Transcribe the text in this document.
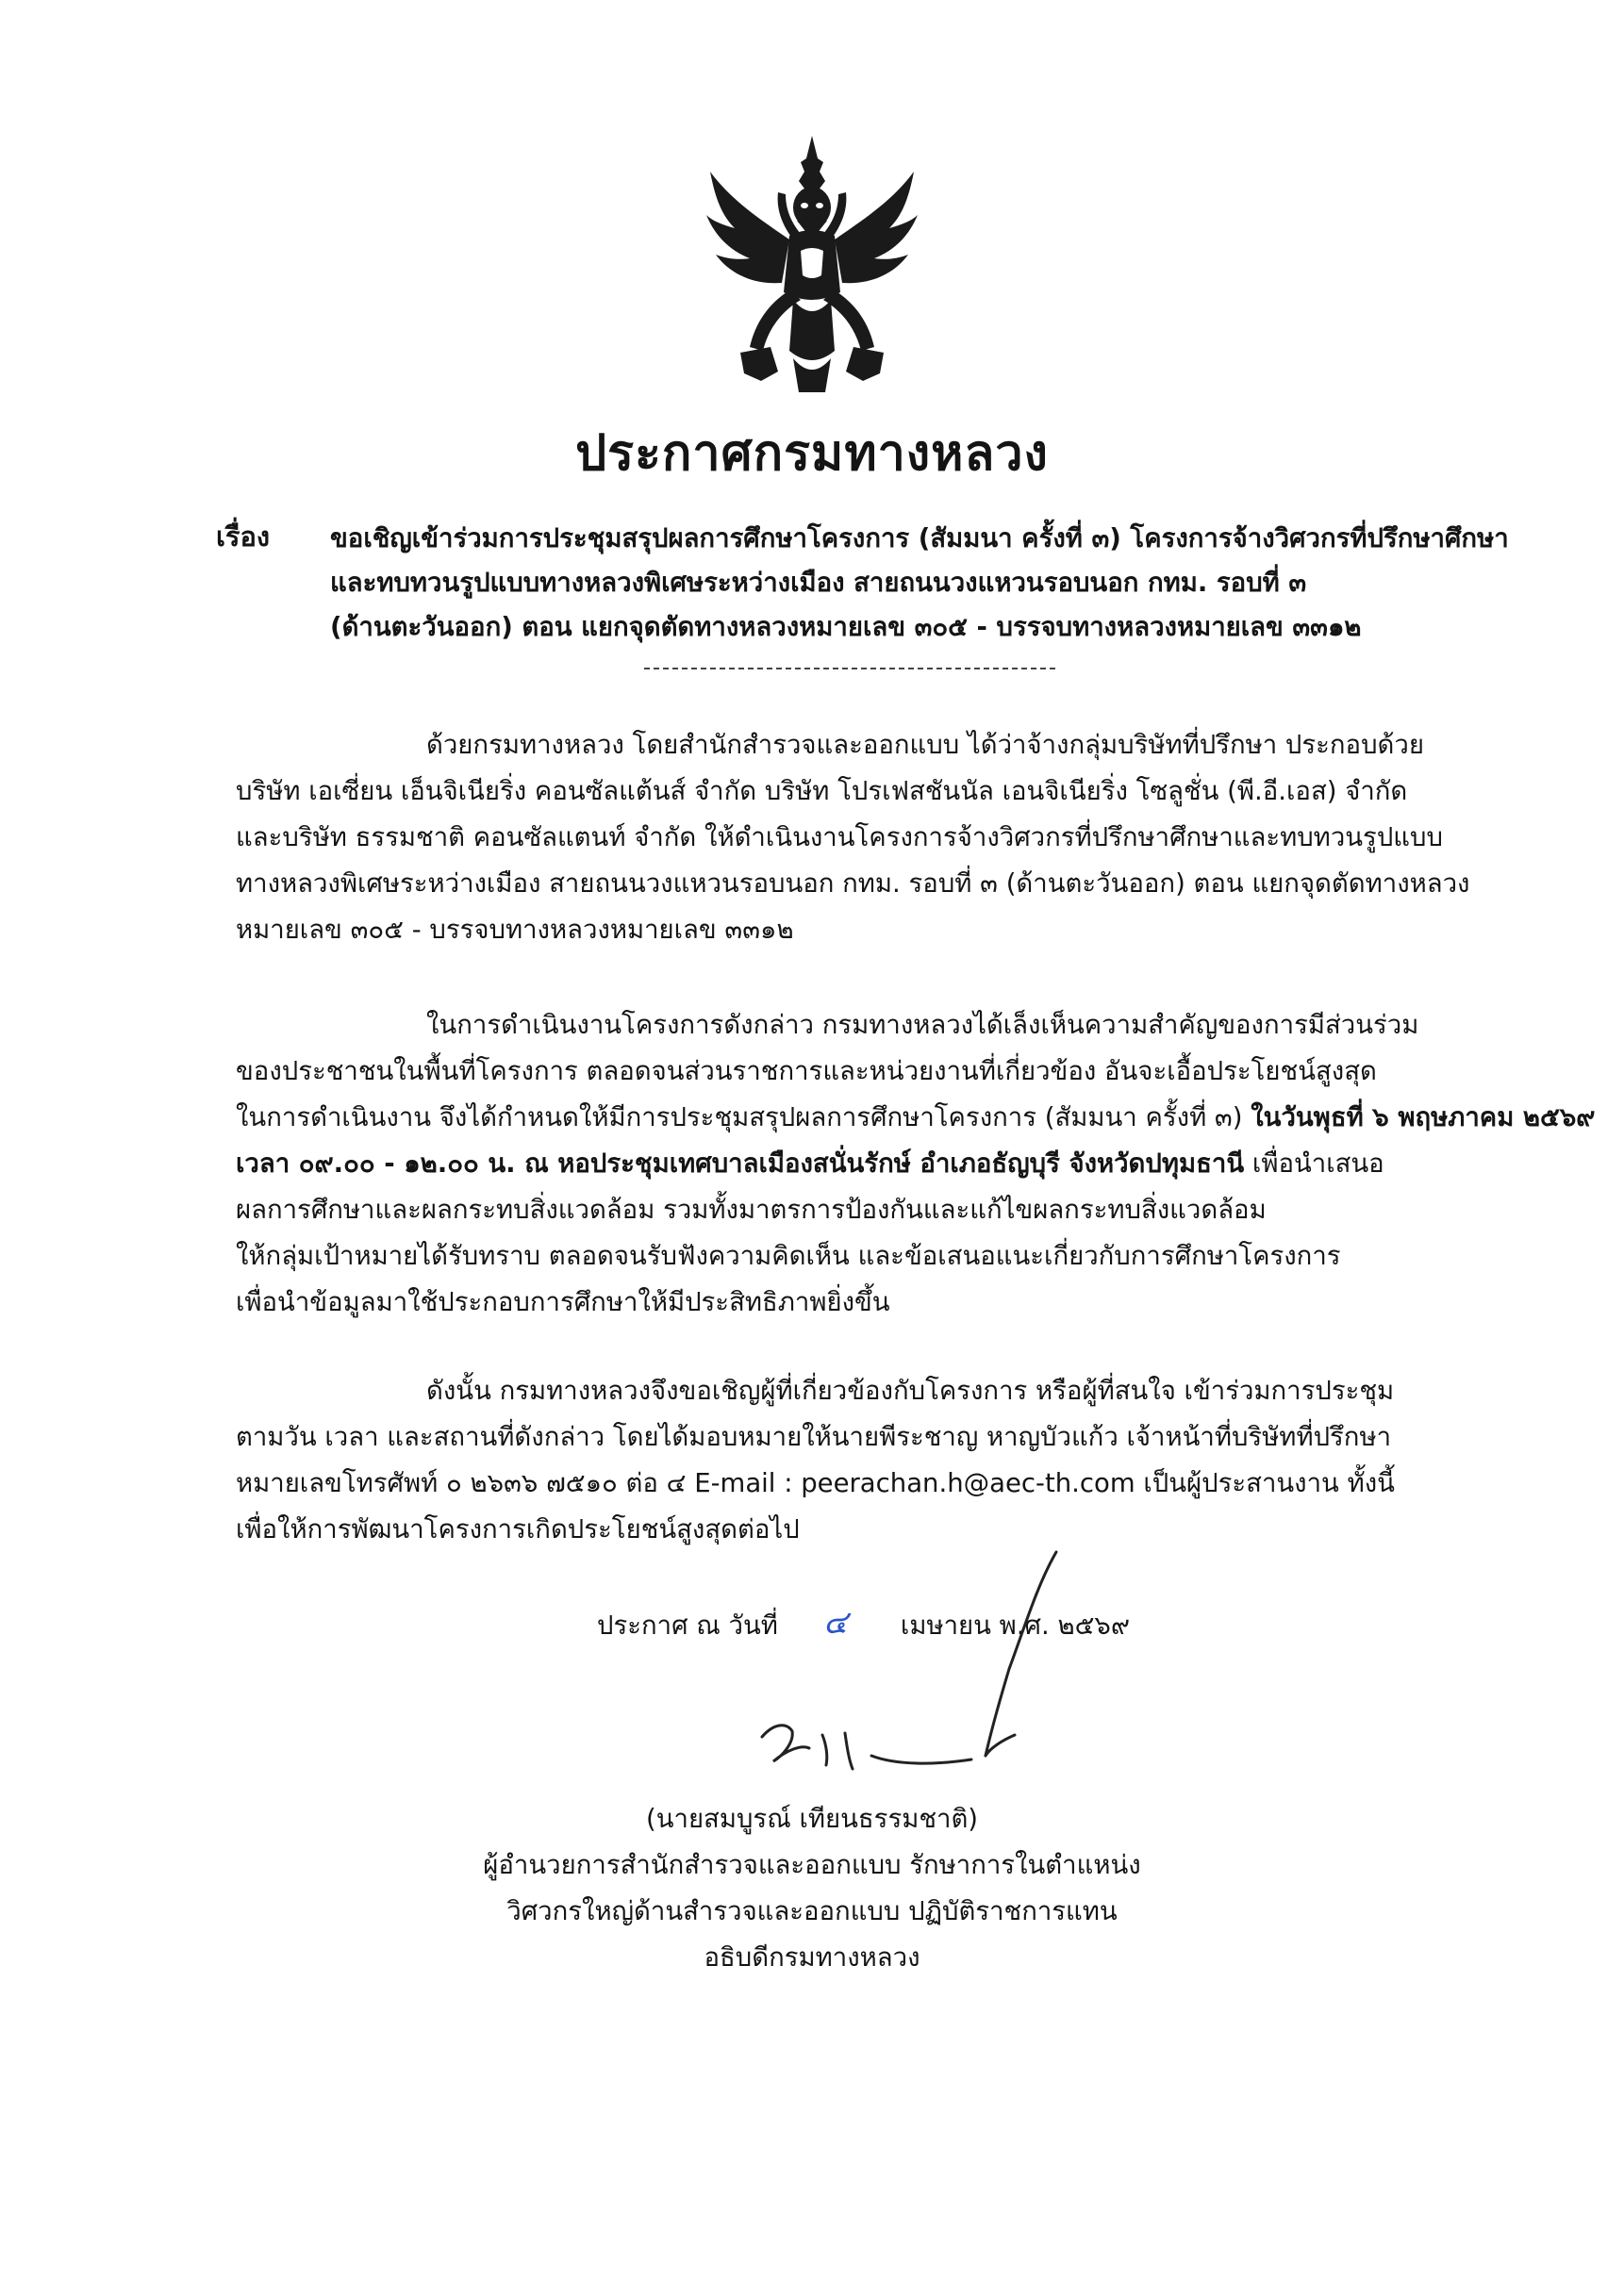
ประกาศกรมทางหลวง
เรื่อง ขอเชิญเข้าร่วมการประชุมสรุปผลการศึกษาโครงการ (สัมมนา ครั้งที่ ๓) โครงการจ้างวิศวกรที่ปรึกษาศึกษา
และทบทวนรูปแบบทางหลวงพิเศษระหว่างเมือง สายถนนวงแหวนรอบนอก กทม. รอบที่ ๓
(ด้านตะวันออก) ตอน แยกจุดตัดทางหลวงหมายเลข ๓๐๕ - บรรจบทางหลวงหมายเลข ๓๓๑๒
ด้วยกรมทางหลวง โดยสำนักสำรวจและออกแบบ ได้ว่าจ้างกลุ่มบริษัทที่ปรึกษา ประกอบด้วย
บริษัท เอเซี่ยน เอ็นจิเนียริ่ง คอนซัลแต้นส์ จำกัด บริษัท โปรเฟสชันนัล เอนจิเนียริ่ง โซลูชั่น (พี.อี.เอส) จำกัด
และบริษัท ธรรมชาติ คอนซัลแตนท์ จำกัด ให้ดำเนินงานโครงการจ้างวิศวกรที่ปรึกษาศึกษาและทบทวนรูปแบบ
ทางหลวงพิเศษระหว่างเมือง สายถนนวงแหวนรอบนอก กทม. รอบที่ ๓ (ด้านตะวันออก) ตอน แยกจุดตัดทางหลวง
หมายเลข ๓๐๕ - บรรจบทางหลวงหมายเลข ๓๓๑๒
ในการดำเนินงานโครงการดังกล่าว กรมทางหลวงได้เล็งเห็นความสำคัญของการมีส่วนร่วม
ของประชาชนในพื้นที่โครงการ ตลอดจนส่วนราชการและหน่วยงานที่เกี่ยวข้อง อันจะเอื้อประโยชน์สูงสุด
ในการดำเนินงาน จึงได้กำหนดให้มีการประชุมสรุปผลการศึกษาโครงการ (สัมมนา ครั้งที่ ๓) ในวันพุธที่ ๖ พฤษภาคม ๒๕๖๙
เวลา ๐๙.๐๐ - ๑๒.๐๐ น. ณ หอประชุมเทศบาลเมืองสนั่นรักษ์ อำเภอธัญบุรี จังหวัดปทุมธานี เพื่อนำเสนอ
ผลการศึกษาและผลกระทบสิ่งแวดล้อม รวมทั้งมาตรการป้องกันและแก้ไขผลกระทบสิ่งแวดล้อม
ให้กลุ่มเป้าหมายได้รับทราบ ตลอดจนรับฟังความคิดเห็น และข้อเสนอแนะเกี่ยวกับการศึกษาโครงการ
เพื่อนำข้อมูลมาใช้ประกอบการศึกษาให้มีประสิทธิภาพยิ่งขึ้น
ดังนั้น กรมทางหลวงจึงขอเชิญผู้ที่เกี่ยวข้องกับโครงการ หรือผู้ที่สนใจ เข้าร่วมการประชุม
ตามวัน เวลา และสถานที่ดังกล่าว โดยได้มอบหมายให้นายพีระชาญ หาญบัวแก้ว เจ้าหน้าที่บริษัทที่ปรึกษา
หมายเลขโทรศัพท์ ๐ ๒๖๓๖ ๗๕๑๐ ต่อ ๔ E-mail : peerachan.h@aec-th.com เป็นผู้ประสานงาน ทั้งนี้
เพื่อให้การพัฒนาโครงการเกิดประโยชน์สูงสุดต่อไป
ประกาศ ณ วันที่	เมษายน พ.ศ. ๒๕๖๙
๔
(นายสมบูรณ์ เทียนธรรมชาติ)
ผู้อำนวยการสำนักสำรวจและออกแบบ รักษาการในตำแหน่ง
วิศวกรใหญ่ด้านสำรวจและออกแบบ ปฏิบัติราชการแทน
อธิบดีกรมทางหลวง
